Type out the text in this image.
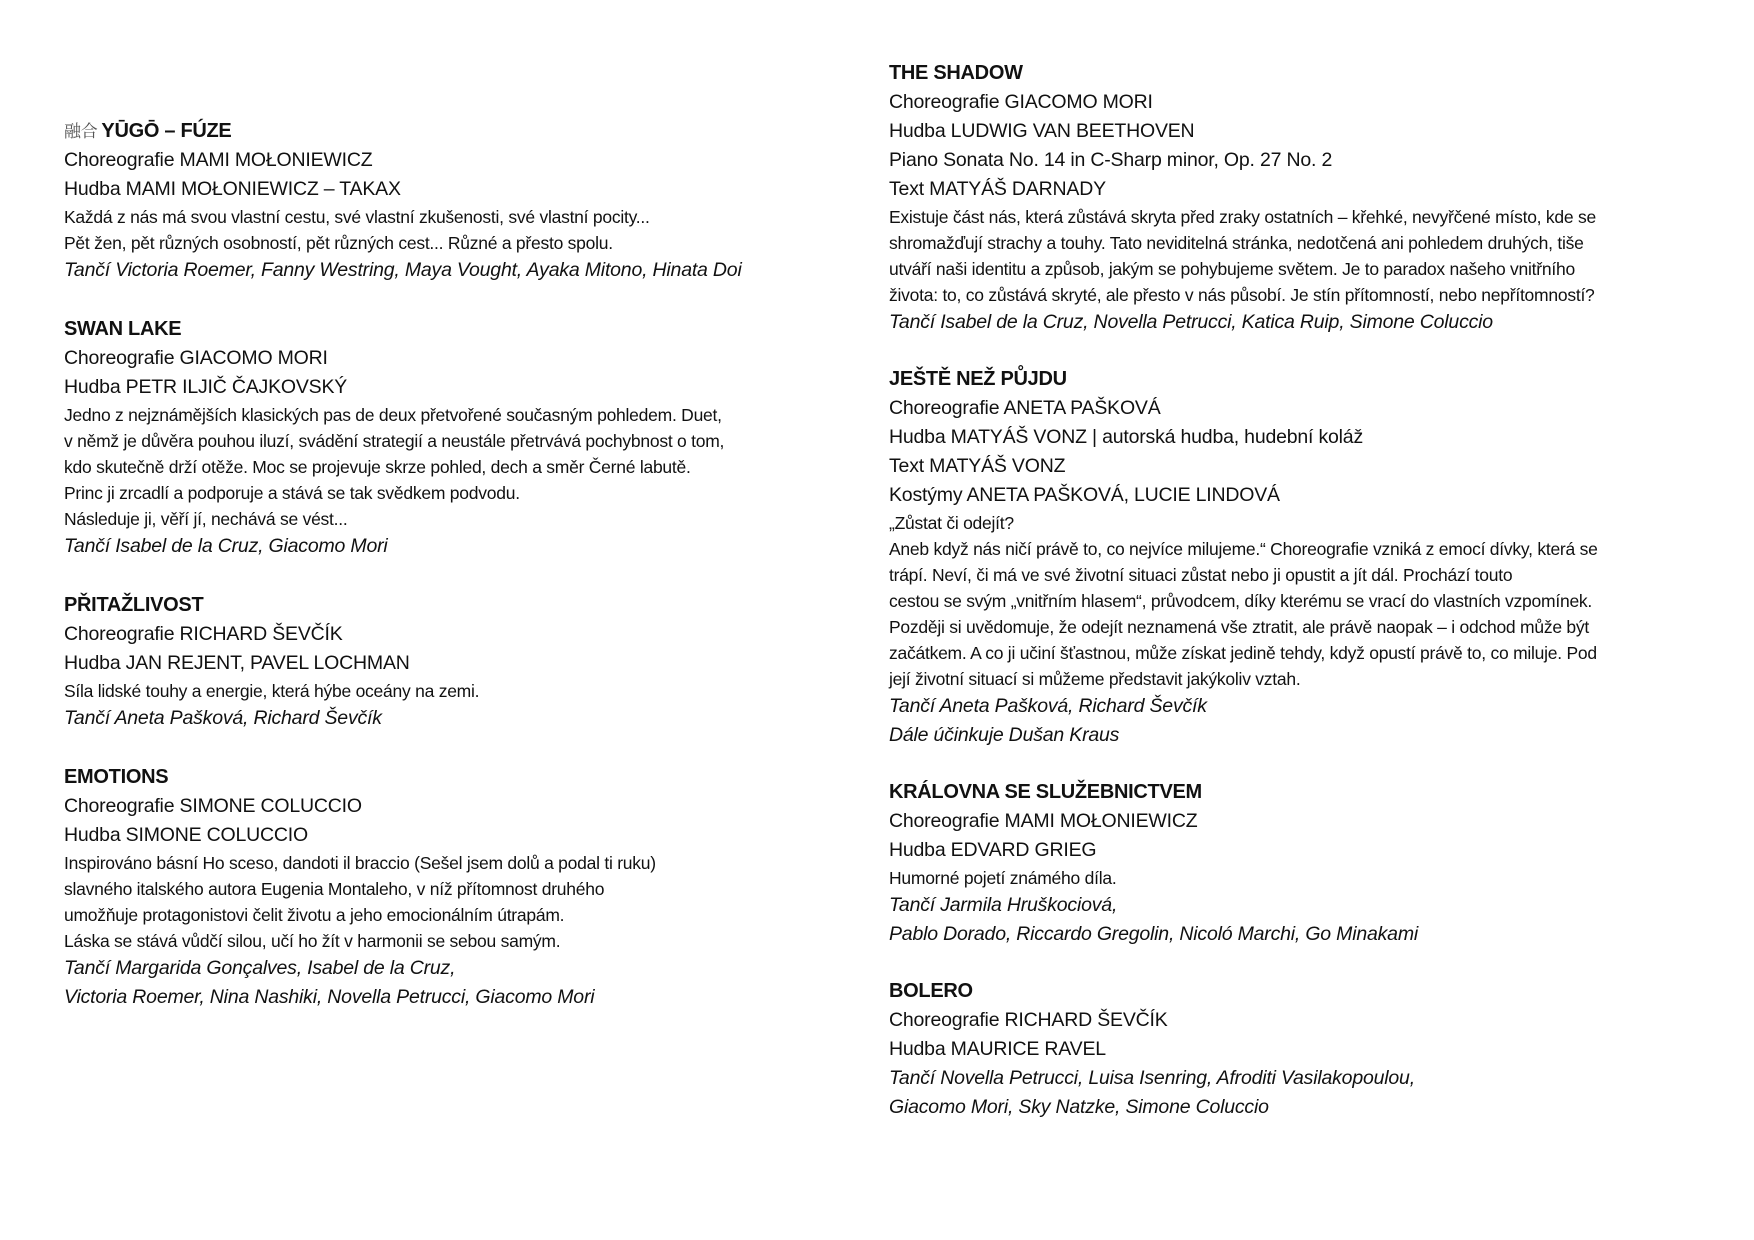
融合 YŪGŌ – FÚZE
Choreografie MAMI MOŁONIEWICZ
Hudba MAMI MOŁONIEWICZ – TAKAX
Každá z nás má svou vlastní cestu, své vlastní zkušenosti, své vlastní pocity...
Pět žen, pět různých osobností, pět různých cest... Různé a přesto spolu.
Tančí Victoria Roemer, Fanny Westring, Maya Vought, Ayaka Mitono, Hinata Doi
SWAN LAKE
Choreografie GIACOMO MORI
Hudba PETR ILJIČ ČAJKOVSKÝ
Jedno z nejznámějších klasických pas de deux přetvořené současným pohledem. Duet,
v němž je důvěra pouhou iluzí, svádění strategií a neustále přetrvává pochybnost o tom,
kdo skutečně drží otěže. Moc se projevuje skrze pohled, dech a směr Černé labutě.
Princ ji zrcadlí a podporuje a stává se tak svědkem podvodu.
Následuje ji, věří jí, nechává se vést...
Tančí Isabel de la Cruz, Giacomo Mori
PŘITAŽLIVOST
Choreografie RICHARD ŠEVČÍK
Hudba JAN REJENT, PAVEL LOCHMAN
Síla lidské touhy a energie, která hýbe oceány na zemi.
Tančí Aneta Pašková, Richard Ševčík
EMOTIONS
Choreografie SIMONE COLUCCIO
Hudba SIMONE COLUCCIO
Inspirováno básní Ho sceso, dandoti il braccio (Sešel jsem dolů a podal ti ruku)
slavného italského autora Eugenia Montaleho, v níž přítomnost druhého
umožňuje protagonistovi čelit životu a jeho emocionálním útrapám.
Láska se stává vůdčí silou, učí ho žít v harmonii se sebou samým.
Tančí Margarida Gonçalves, Isabel de la Cruz,
Victoria Roemer, Nina Nashiki, Novella Petrucci, Giacomo Mori
THE SHADOW
Choreografie GIACOMO MORI
Hudba LUDWIG VAN BEETHOVEN
Piano Sonata No. 14 in C-Sharp minor, Op. 27 No. 2
Text MATYÁŠ DARNADY
Existuje část nás, která zůstává skryta před zraky ostatních – křehké, nevyřčené místo, kde se
shromažďují strachy a touhy. Tato neviditelná stránka, nedotčená ani pohledem druhých, tiše
utváří naši identitu a způsob, jakým se pohybujeme světem. Je to paradox našeho vnitřního
života: to, co zůstává skryté, ale přesto v nás působí. Je stín přítomností, nebo nepřítomností?
Tančí Isabel de la Cruz, Novella Petrucci, Katica Ruip, Simone Coluccio
JEŠTĚ NEŽ PŮJDU
Choreografie ANETA PAŠKOVÁ
Hudba MATYÁŠ VONZ | autorská hudba, hudební koláž
Text MATYÁŠ VONZ
Kostýmy ANETA PAŠKOVÁ, LUCIE LINDOVÁ
„Zůstat či odejít?
Aneb když nás ničí právě to, co nejvíce milujeme.“ Choreografie vzniká z emocí dívky, která se
trápí. Neví, či má ve své životní situaci zůstat nebo ji opustit a jít dál. Prochází touto
cestou se svým „vnitřním hlasem“, průvodcem, díky kterému se vrací do vlastních vzpomínek.
Později si uvědomuje, že odejít neznamená vše ztratit, ale právě naopak – i odchod může být
začátkem. A co ji učiní šťastnou, může získat jedině tehdy, když opustí právě to, co miluje. Pod
její životní situací si můžeme představit jakýkoliv vztah.
Tančí Aneta Pašková, Richard Ševčík
Dále účinkuje Dušan Kraus
KRÁLOVNA SE SLUŽEBNICTVEM
Choreografie MAMI MOŁONIEWICZ
Hudba EDVARD GRIEG
Humorné pojetí známého díla.
Tančí Jarmila Hruškociová,
Pablo Dorado, Riccardo Gregolin, Nicoló Marchi, Go Minakami
BOLERO
Choreografie RICHARD ŠEVČÍK
Hudba MAURICE RAVEL
Tančí Novella Petrucci, Luisa Isenring, Afroditi Vasilakopoulou,
Giacomo Mori, Sky Natzke, Simone Coluccio
